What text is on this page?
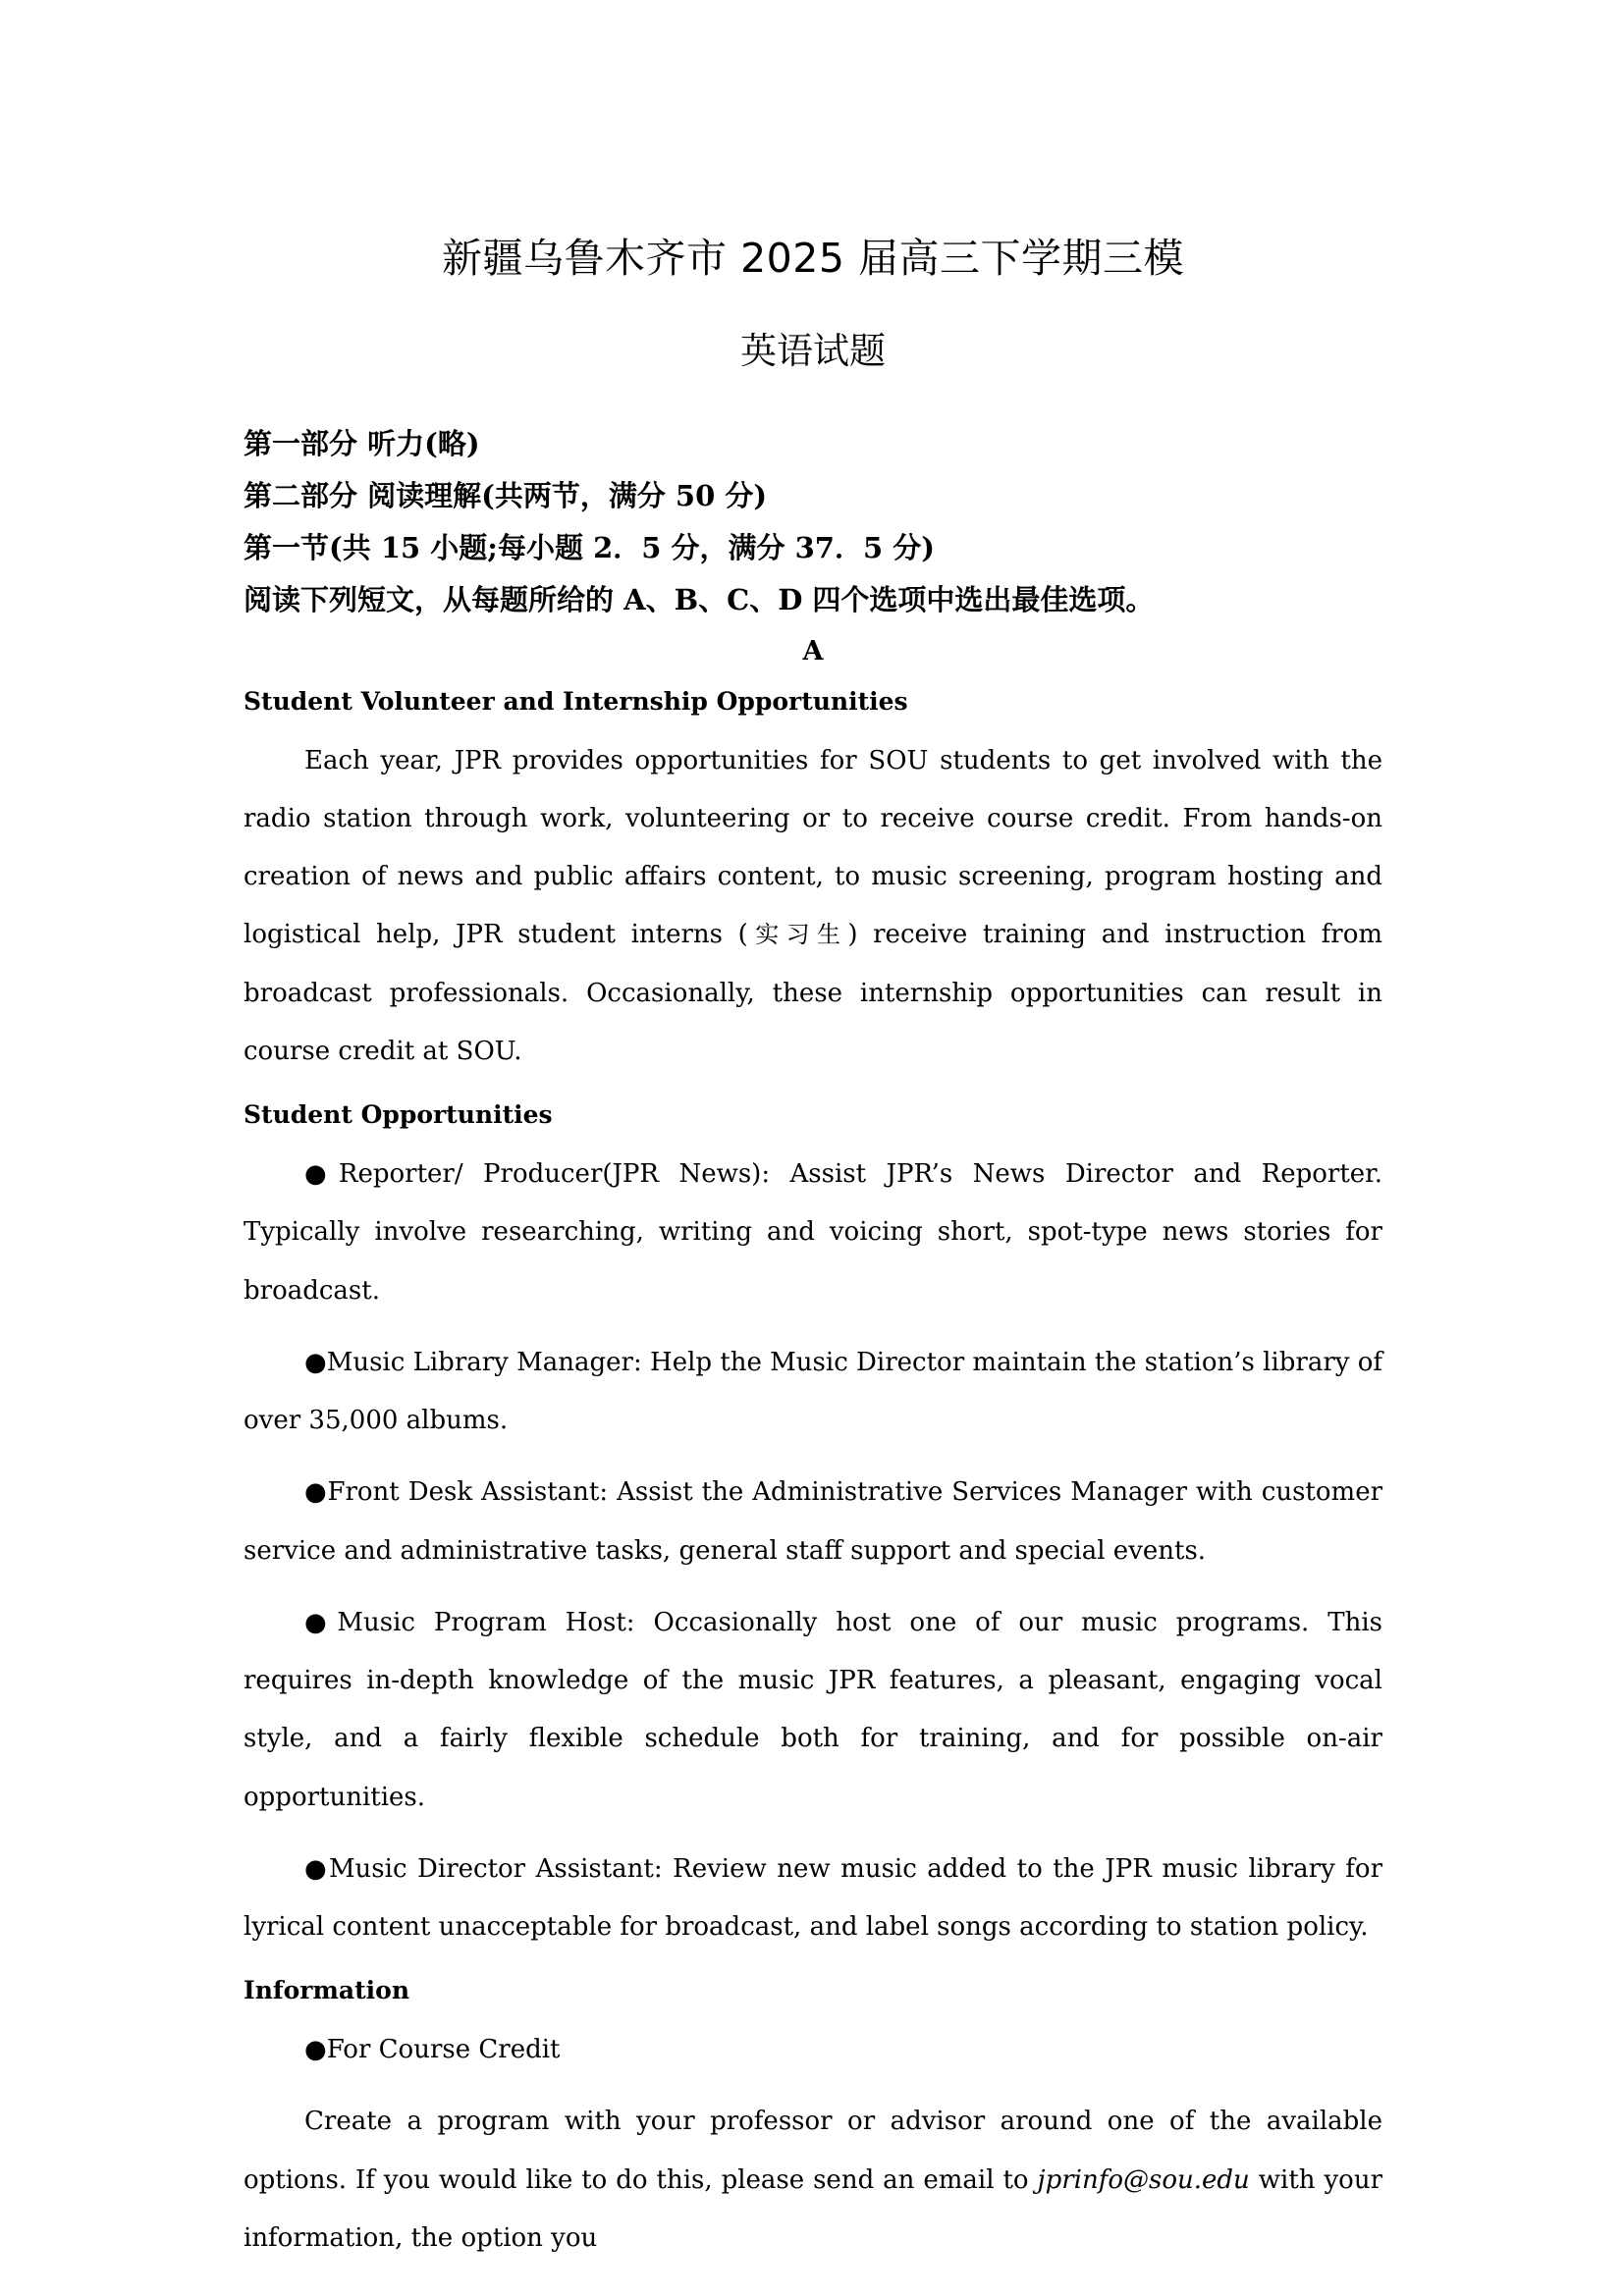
新疆乌鲁木齐市 2025 届高三下学期三模
英语试题

第一部分 听力(略)

第二部分 阅读理解(共两节，满分 50 分)

第一节(共 15 小题;每小题 2．5 分，满分 37．5 分)

阅读下列短文，从每题所给的 A、B、C、D 四个选项中选出最佳选项。

A

Student Volunteer and Internship Opportunities

Each year, JPR provides opportunities for SOU students to get involved with the radio station through work, volunteering or to receive course credit. From hands-on creation of news and public affairs content, to music screening, program hosting and logistical help, JPR student interns (实习生) receive training and instruction from broadcast professionals. Occasionally, these internship opportunities can result in course credit at SOU.

Student Opportunities

●Reporter/ Producer(JPR News): Assist JPR’s News Director and Reporter. Typically involve researching, writing and voicing short, spot-type news stories for broadcast.

●Music Library Manager: Help the Music Director maintain the station’s library of over 35,000 albums.

●Front Desk Assistant: Assist the Administrative Services Manager with customer service and administrative tasks, general staff support and special events.

●Music Program Host: Occasionally host one of our music programs. This requires in-depth knowledge of the music JPR features, a pleasant, engaging vocal style, and a fairly flexible schedule both for training, and for possible on-air opportunities.

●Music Director Assistant: Review new music added to the JPR music library for lyrical content unacceptable for broadcast, and label songs according to station policy.

Information

●For Course Credit

Create a program with your professor or advisor around one of the available options. If you would like to do this, please send an email to jprinfo@sou.edu with your information, the option you
